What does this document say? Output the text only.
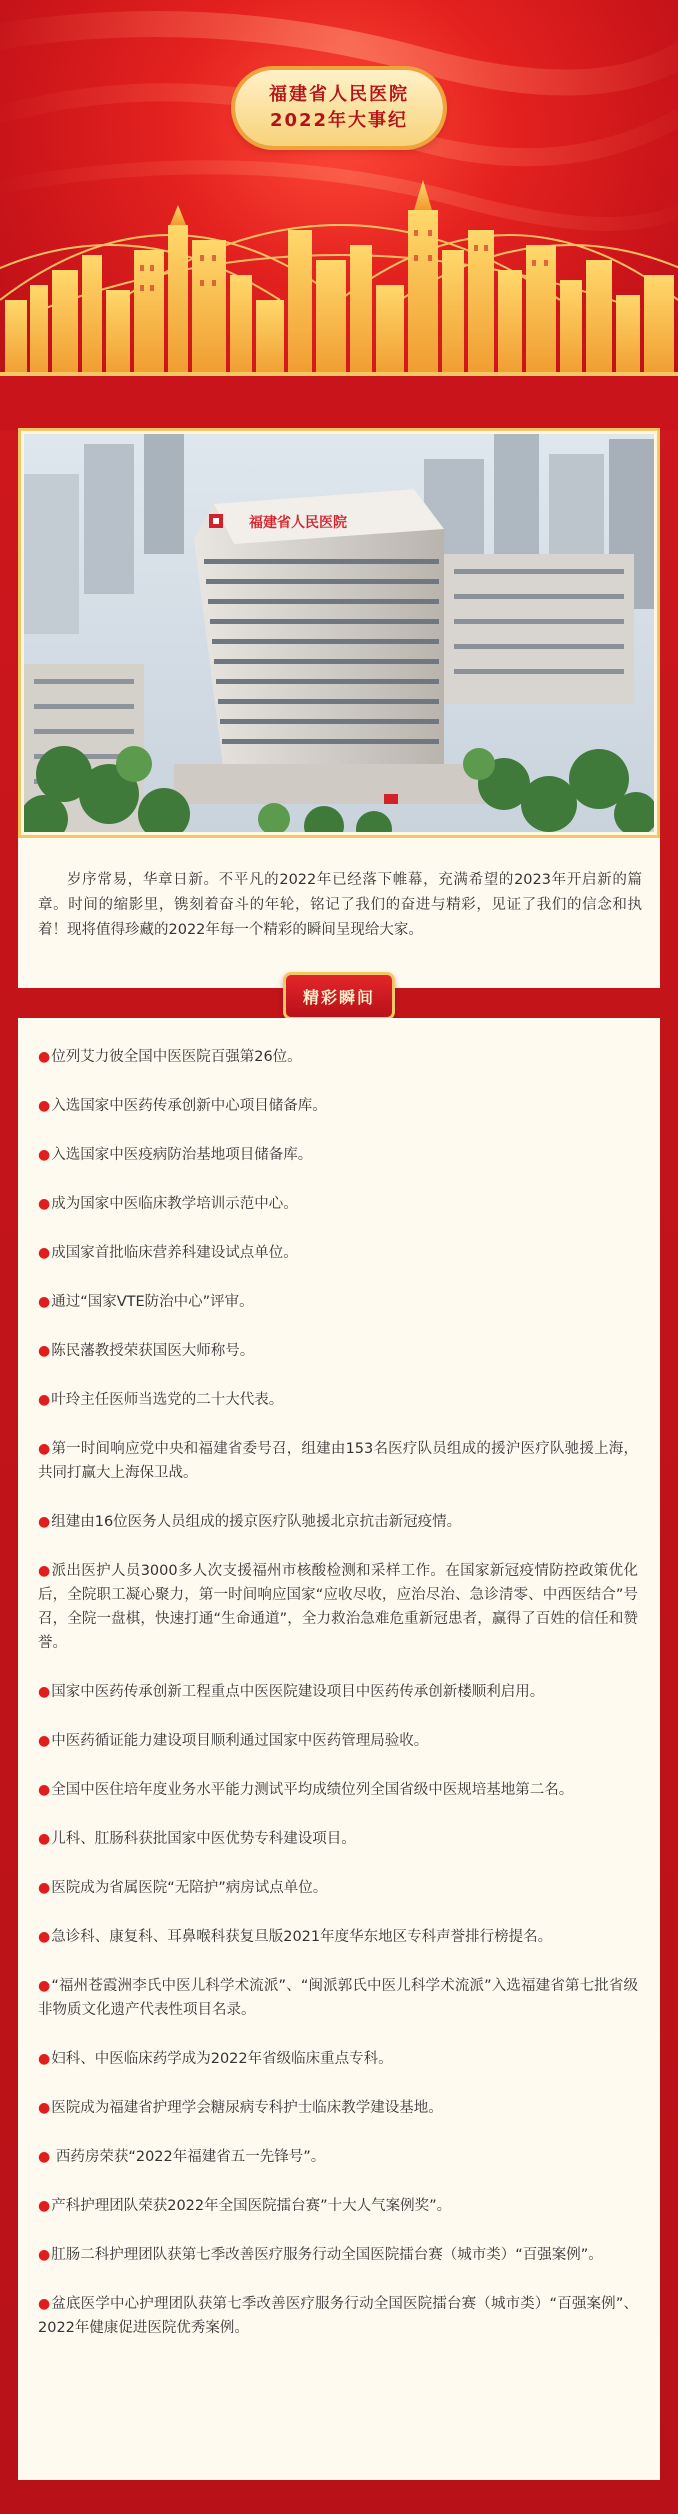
福建省人民医院
2022年大事纪
福建省人民医院

岁序常易，华章日新。不平凡的2022年已经落下帷幕，充满希望的2023年开启新的篇章。时间的缩影里，镌刻着奋斗的年轮，铭记了我们的奋进与精彩，见证了我们的信念和执着！现将值得珍藏的2022年每一个精彩的瞬间呈现给大家。

精彩瞬间
●位列艾力彼全国中医医院百强第26位。
●入选国家中医药传承创新中心项目储备库。
●入选国家中医疫病防治基地项目储备库。
●成为国家中医临床教学培训示范中心。
●成国家首批临床营养科建设试点单位。
●通过“国家VTE防治中心”评审。
●陈民藩教授荣获国医大师称号。
●叶玲主任医师当选党的二十大代表。
●第一时间响应党中央和福建省委号召，组建由153名医疗队员组成的援沪医疗队驰援上海，共同打赢大上海保卫战。
●组建由16位医务人员组成的援京医疗队驰援北京抗击新冠疫情。
●派出医护人员3000多人次支援福州市核酸检测和采样工作。在国家新冠疫情防控政策优化后，全院职工凝心聚力，第一时间响应国家“应收尽收，应治尽治、急诊清零、中西医结合”号召，全院一盘棋，快速打通“生命通道”，全力救治急难危重新冠患者，赢得了百姓的信任和赞誉。
●国家中医药传承创新工程重点中医医院建设项目中医药传承创新楼顺利启用。
●中医药循证能力建设项目顺利通过国家中医药管理局验收。
●全国中医住培年度业务水平能力测试平均成绩位列全国省级中医规培基地第二名。
●儿科、肛肠科获批国家中医优势专科建设项目。
●医院成为省属医院“无陪护”病房试点单位。
●急诊科、康复科、耳鼻喉科获复旦版2021年度华东地区专科声誉排行榜提名。
●“福州苍霞洲李氏中医儿科学术流派”、“闽派郭氏中医儿科学术流派”入选福建省第七批省级非物质文化遗产代表性项目名录。
●妇科、中医临床药学成为2022年省级临床重点专科。
●医院成为福建省护理学会糖尿病专科护士临床教学建设基地。
● 西药房荣获“2022年福建省五一先锋号”。
●产科护理团队荣获2022年全国医院擂台赛”十大人气案例奖”。
●肛肠二科护理团队获第七季改善医疗服务行动全国医院擂台赛（城市类）“百强案例”。
●盆底医学中心护理团队获第七季改善医疗服务行动全国医院擂台赛（城市类）“百强案例”、2022年健康促进医院优秀案例。
